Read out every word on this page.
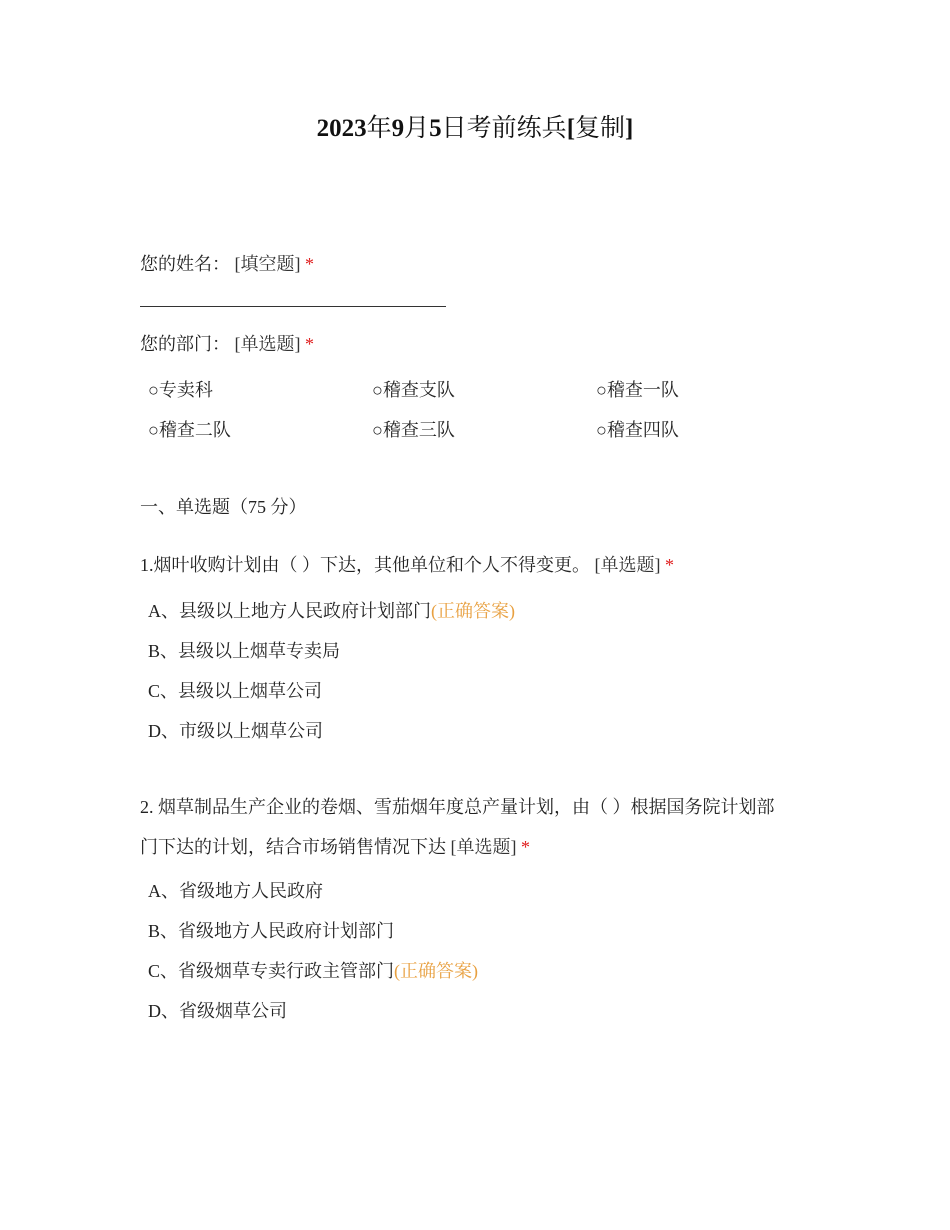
2023年9月5日考前练兵[复制]
您的姓名： [填空题] *
您的部门： [单选题] *
○专卖科	○稽查支队	○稽查一队
○稽查二队	○稽查三队	○稽查四队
一、单选题（75 分）
1.烟叶收购计划由（ ）下达，其他单位和个人不得变更。 [单选题] *
A、县级以上地方人民政府计划部门(正确答案)
B、县级以上烟草专卖局
C、县级以上烟草公司
D、市级以上烟草公司
2. 烟草制品生产企业的卷烟、雪茄烟年度总产量计划，由（ ）根据国务院计划部
门下达的计划，结合市场销售情况下达 [单选题] *
A、省级地方人民政府
B、省级地方人民政府计划部门
C、省级烟草专卖行政主管部门(正确答案)
D、省级烟草公司
